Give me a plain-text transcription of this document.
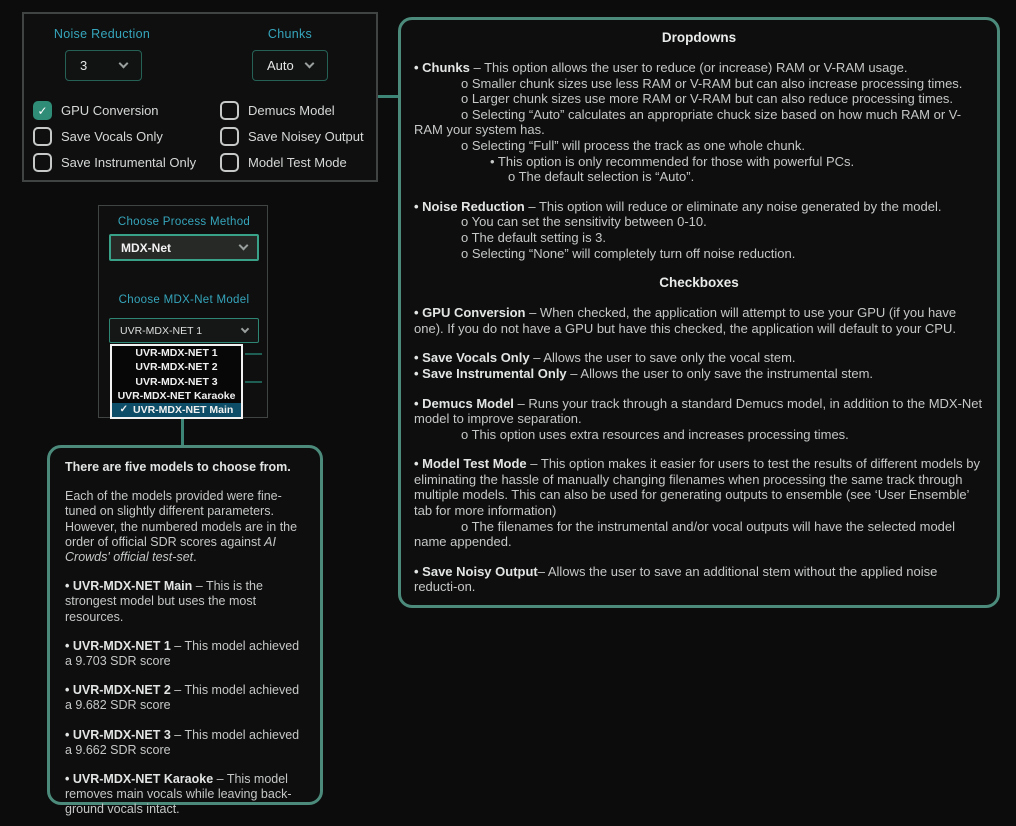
Noise Reduction	Chunks
3	Auto
✓	GPU Conversion
Save Vocals Only
Save Instrumental Only
Demucs Model
Save Noisey Output
Model Test Mode
Choose Process Method
MDX-Net
Choose MDX-Net Model
UVR-MDX-NET 1
UVR-MDX-NET 1
UVR-MDX-NET 2
UVR-MDX-NET 3
UVR-MDX-NET Karaoke
✓ UVR-MDX-NET Main

There are five models to choose from.

Each of the models provided were fine-tuned on slightly different parameters. However, the numbered models are in the order of official SDR scores against AI Crowds' official test-set.

• UVR-MDX-NET Main – This is the strongest model but uses the most resources.

• UVR-MDX-NET 1 – This model achieved a 9.703 SDR score

• UVR-MDX-NET 2 – This model achieved a 9.682 SDR score

• UVR-MDX-NET 3 – This model achieved a 9.662 SDR score

• UVR-MDX-NET Karaoke – This model removes main vocals while leaving back-ground vocals intact.

Dropdowns

• Chunks – This option allows the user to reduce (or increase) RAM or V-RAM usage.

o Smaller chunk sizes use less RAM or V-RAM but can also increase processing times.

o Larger chunk sizes use more RAM or V-RAM but can also reduce processing times.

o Selecting “Auto” calculates an appropriate chuck size based on how much RAM or V-RAM your system has.

o Selecting “Full” will process the track as one whole chunk.

• This option is only recommended for those with powerful PCs.

o The default selection is “Auto”.

• Noise Reduction – This option will reduce or eliminate any noise generated by the model.

o You can set the sensitivity between 0-10.

o The default setting is 3.

o Selecting “None” will completely turn off noise reduction.

Checkboxes

• GPU Conversion – When checked, the application will attempt to use your GPU (if you have one). If you do not have a GPU but have this checked, the application will default to your CPU.

• Save Vocals Only – Allows the user to save only the vocal stem.

• Save Instrumental Only – Allows the user to only save the instrumental stem.

• Demucs Model – Runs your track through a standard Demucs model, in addition to the MDX-Net model to improve separation.

o This option uses extra resources and increases processing times.

• Model Test Mode – This option makes it easier for users to test the results of different models by eliminating the hassle of manually changing filenames when processing the same track through multiple models. This can also be used for generating outputs to ensemble (see ‘User Ensemble’ tab for more information)

o The filenames for the instrumental and/or vocal outputs will have the selected model name appended.

• Save Noisy Output– Allows the user to save an additional stem without the applied noise reducti-on.
